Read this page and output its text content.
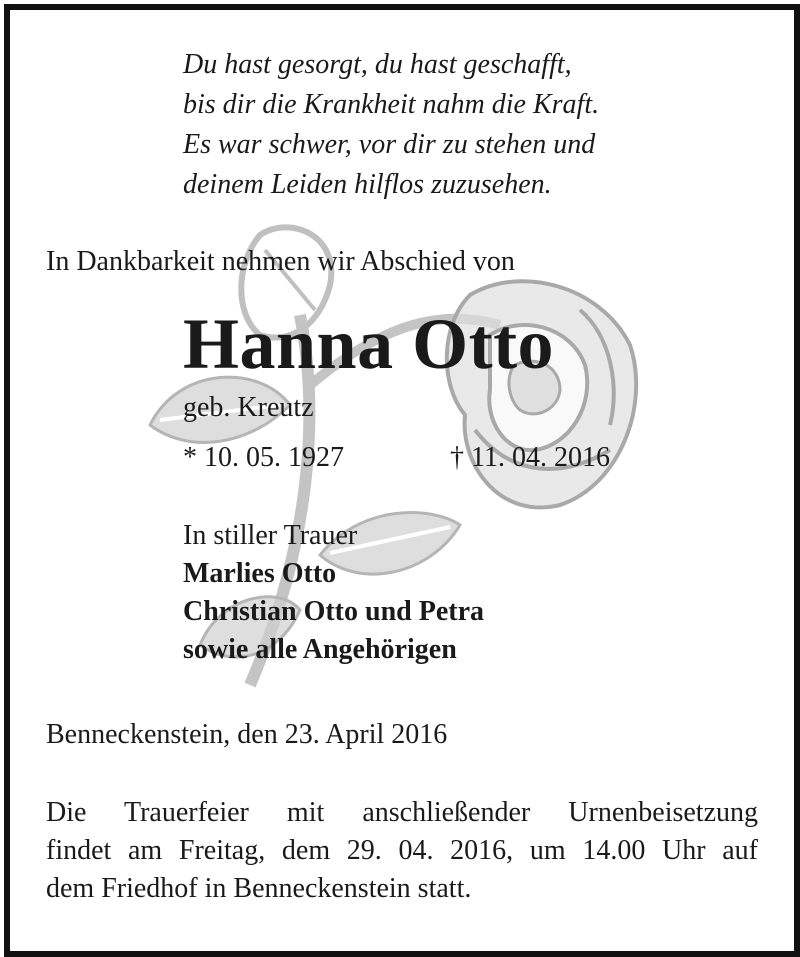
Du hast gesorgt, du hast geschafft,
bis dir die Krankheit nahm die Kraft.
Es war schwer, vor dir zu stehen und
deinem Leiden hilflos zuzusehen.
In Dankbarkeit nehmen wir Abschied von
Hanna Otto
geb. Kreutz
* 10. 05. 1927	† 11. 04. 2016
In stiller Trauer
Marlies Otto
Christian Otto und Petra
sowie alle Angehörigen
Benneckenstein, den 23. April 2016
Die Trauerfeier mit anschließender Urnenbeisetzung
findet am Freitag, dem 29. 04. 2016, um 14.00 Uhr auf
dem Friedhof in Benneckenstein statt.
